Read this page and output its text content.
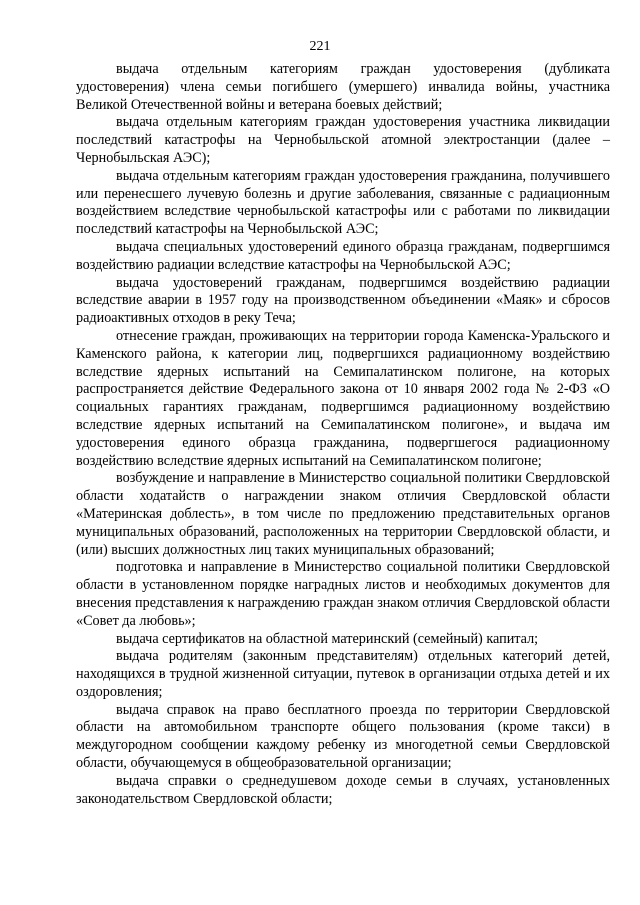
221

выдача отдельным категориям граждан удостоверения (дубликата удостоверения) члена семьи погибшего (умершего) инвалида войны, участника Великой Отечественной войны и ветерана боевых действий;

выдача отдельным категориям граждан удостоверения участника ликвидации последствий катастрофы на Чернобыльской атомной электростанции (далее – Чернобыльская АЭС);

выдача отдельным категориям граждан удостоверения гражданина, получившего или перенесшего лучевую болезнь и другие заболевания, связанные с радиационным воздействием вследствие чернобыльской катастрофы или с работами по ликвидации последствий катастрофы на Чернобыльской АЭС;

выдача специальных удостоверений единого образца гражданам, подвергшимся воздействию радиации вследствие катастрофы на Чернобыльской АЭС;

выдача удостоверений гражданам, подвергшимся воздействию радиации вследствие аварии в 1957 году на производственном объединении «Маяк» и сбросов радиоактивных отходов в реку Теча;

отнесение граждан, проживающих на территории города Каменска-Уральского и Каменского района, к категории лиц, подвергшихся радиационному воздействию вследствие ядерных испытаний на Семипалатинском полигоне, на которых распространяется действие Федерального закона от 10 января 2002 года № 2-ФЗ «О социальных гарантиях гражданам, подвергшимся радиационному воздействию вследствие ядерных испытаний на Семипалатинском полигоне», и выдача им удостоверения единого образца гражданина, подвергшегося радиационному воздействию вследствие ядерных испытаний на Семипалатинском полигоне;

возбуждение и направление в Министерство социальной политики Свердловской области ходатайств о награждении знаком отличия Свердловской области «Материнская доблесть», в том числе по предложению представительных органов муниципальных образований, расположенных на территории Свердловской области, и (или) высших должностных лиц таких муниципальных образований;

подготовка и направление в Министерство социальной политики Свердловской области в установленном порядке наградных листов и необходимых документов для внесения представления к награждению граждан знаком отличия Свердловской области «Совет да любовь»;

выдача сертификатов на областной материнский (семейный) капитал;

выдача родителям (законным представителям) отдельных категорий детей, находящихся в трудной жизненной ситуации, путевок в организации отдыха детей и их оздоровления;

выдача справок на право бесплатного проезда по территории Свердловской области на автомобильном транспорте общего пользования (кроме такси) в междугородном сообщении каждому ребенку из многодетной семьи Свердловской области, обучающемуся в общеобразовательной организации;

выдача справки о среднедушевом доходе семьи в случаях, установленных законодательством Свердловской области;
